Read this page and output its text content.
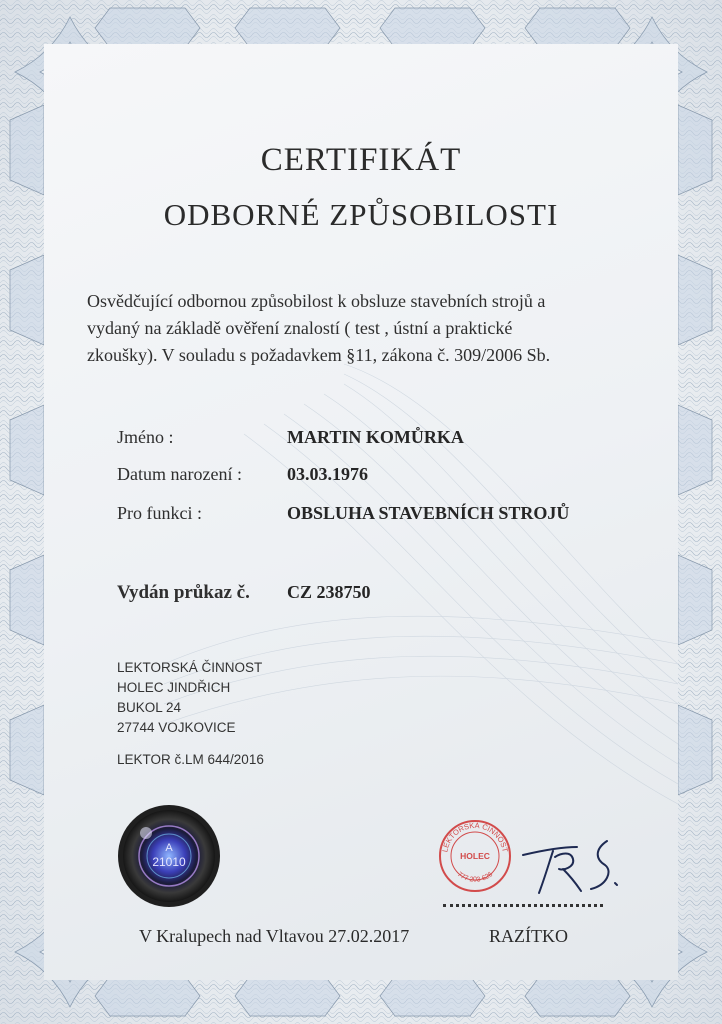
CERTIFIKÁT
ODBORNÉ ZPŮSOBILOSTI
Osvědčující odbornou způsobilost k obsluze stavebních strojů a
vydaný na základě ověření znalostí ( test , ústní a praktické
zkoušky). V souladu s požadavkem §11, zákona č. 309/2006 Sb.
Jméno :	MARTIN KOMŮRKA
Datum narození :	03.03.1976
Pro funkci :	OBSLUHA STAVEBNÍCH STROJŮ
Vydán průkaz č. CZ 238750
LEKTORSKÁ ČINNOST
HOLEC JINDŘICH
BUKOL 24
27744 VOJKOVICE
LEKTOR č.LM 644/2016
A
21010
LEKTORSKÁ ČINNOST
HOLEC
777 203 626
V Kralupech nad Vltavou 27.02.2017	RAZÍTKO
